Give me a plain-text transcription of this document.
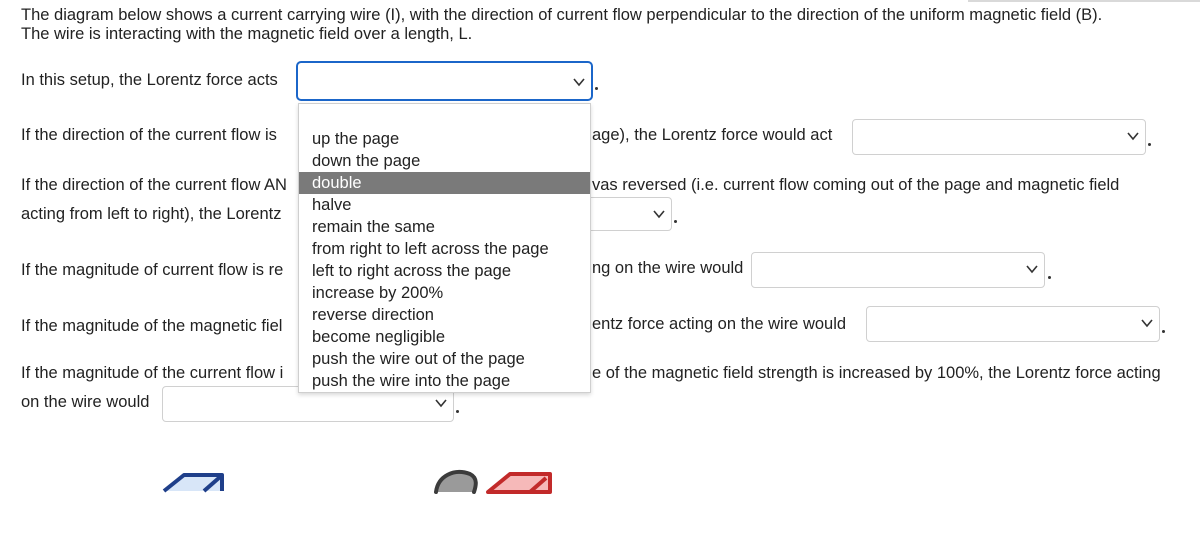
The diagram below shows a current carrying wire (I), with the direction of current flow perpendicular to the direction of the uniform magnetic field (B).
The wire is interacting with the magnetic field over a length, L.
In this setup, the Lorentz force acts
If the direction of the current flow is	age), the Lorentz force would act
If the direction of the current flow AN	vas reversed (i.e. current flow coming out of the page and magnetic field
acting from left to right), the Lorentz
If the magnitude of current flow is re	ng on the wire would
If the magnitude of the magnetic fiel	entz force acting on the wire would
If the magnitude of the current flow i	e of the magnetic field strength is increased by 100%, the Lorentz force acting
on the wire would
up the page
down the page
double
halve
remain the same
from right to left across the page
left to right across the page
increase by 200%
reverse direction
become negligible
push the wire out of the page
push the wire into the page
